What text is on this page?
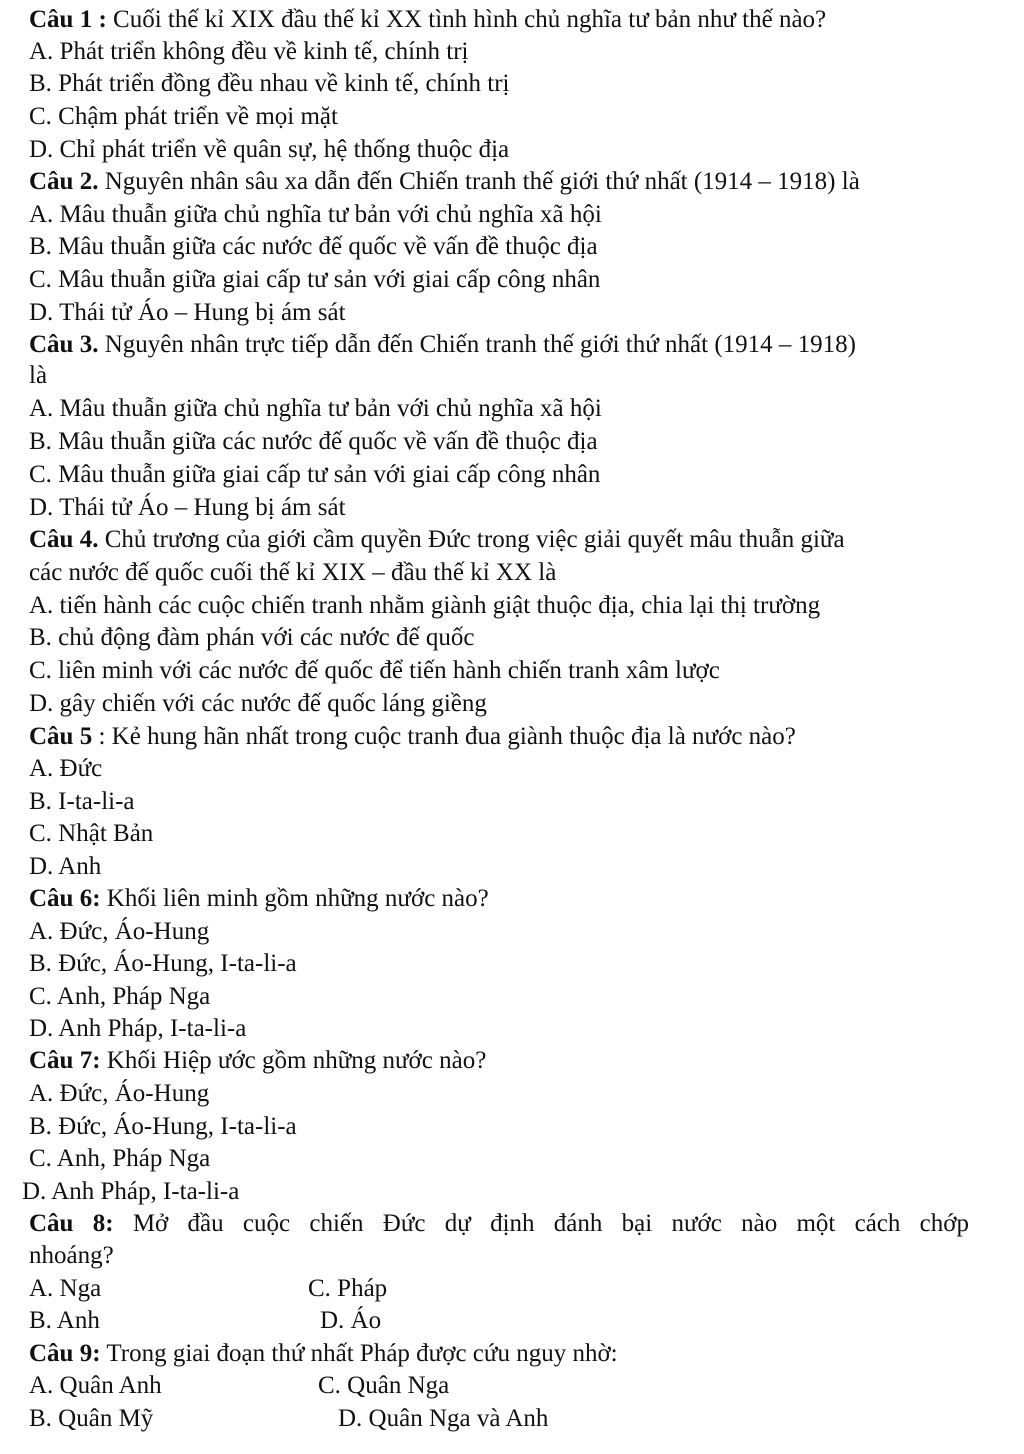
Câu 1 : Cuối thế kỉ XIX đầu thế kỉ XX tình hình chủ nghĩa tư bản như thế nào?
A. Phát triển không đều về kinh tế, chính trị
B. Phát triển đồng đều nhau về kinh tế, chính trị
C. Chậm phát triển về mọi mặt
D. Chỉ phát triển về quân sự, hệ thống thuộc địa
Câu 2. Nguyên nhân sâu xa dẫn đến Chiến tranh thế giới thứ nhất (1914 – 1918) là
A. Mâu thuẫn giữa chủ nghĩa tư bản với chủ nghĩa xã hội
B. Mâu thuẫn giữa các nước đế quốc về vấn đề thuộc địa
C. Mâu thuẫn giữa giai cấp tư sản với giai cấp công nhân
D. Thái tử Áo – Hung bị ám sát
Câu 3. Nguyên nhân trực tiếp dẫn đến Chiến tranh thế giới thứ nhất (1914 – 1918)
là
A. Mâu thuẫn giữa chủ nghĩa tư bản với chủ nghĩa xã hội
B. Mâu thuẫn giữa các nước đế quốc về vấn đề thuộc địa
C. Mâu thuẫn giữa giai cấp tư sản với giai cấp công nhân
D. Thái tử Áo – Hung bị ám sát
Câu 4. Chủ trương của giới cầm quyền Đức trong việc giải quyết mâu thuẫn giữa
các nước đế quốc cuối thế kỉ XIX – đầu thế kỉ XX là
A. tiến hành các cuộc chiến tranh nhằm giành giật thuộc địa, chia lại thị trường
B. chủ động đàm phán với các nước đế quốc
C. liên minh với các nước đế quốc để tiến hành chiến tranh xâm lược
D. gây chiến với các nước đế quốc láng giềng
Câu 5 : Kẻ hung hãn nhất trong cuộc tranh đua giành thuộc địa là nước nào?
A. Đức
B. I-ta-li-a
C. Nhật Bản
D. Anh
Câu 6: Khối liên minh gồm những nước nào?
A. Đức, Áo-Hung
B. Đức, Áo-Hung, I-ta-li-a
C. Anh, Pháp Nga
D. Anh Pháp, I-ta-li-a
Câu 7: Khối Hiệp ước gồm những nước nào?
A. Đức, Áo-Hung
B. Đức, Áo-Hung, I-ta-li-a
C. Anh, Pháp Nga
D. Anh Pháp, I-ta-li-a
Câu 8: Mở đầu cuộc chiến Đức dự định đánh bại nước nào một cách chớp
nhoáng?
A. Nga	C. Pháp
B. Anh	D. Áo
Câu 9: Trong giai đoạn thứ nhất Pháp được cứu nguy nhờ:
A. Quân Anh	C. Quân Nga
B. Quân Mỹ	D. Quân Nga và Anh
